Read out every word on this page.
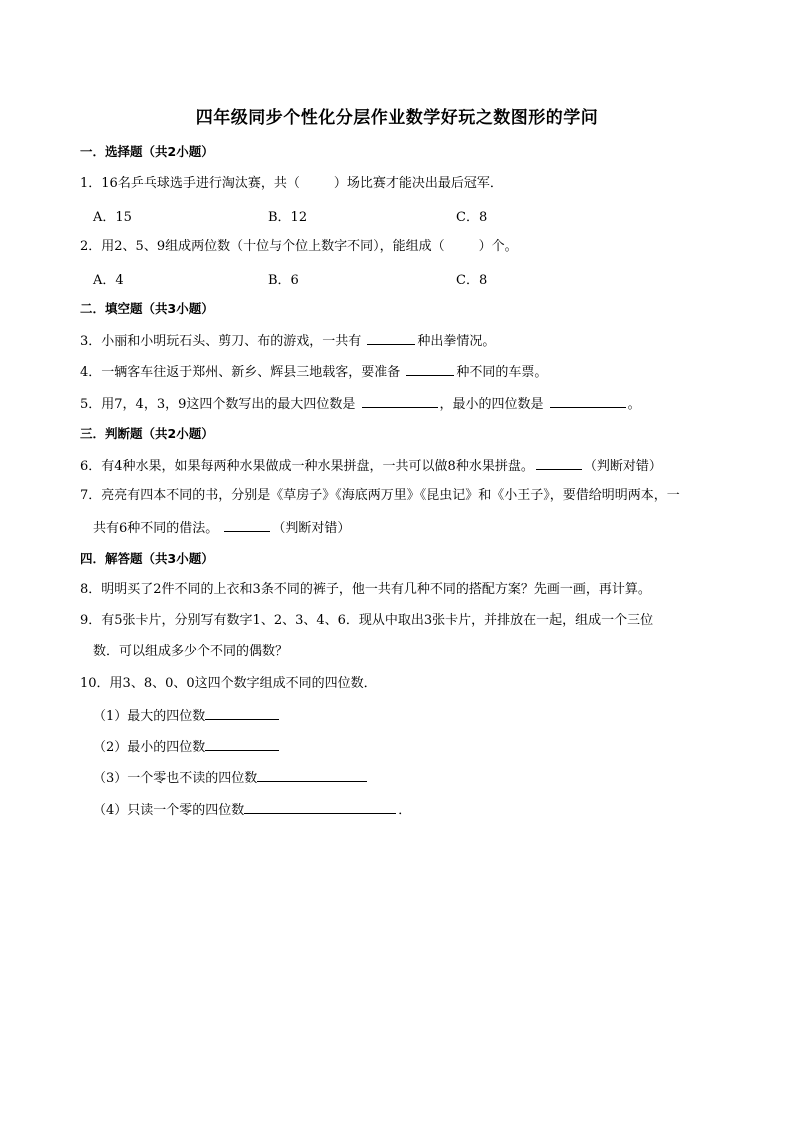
四年级同步个性化分层作业数学好玩之数图形的学问
一．选择题（共2小题）
1．16名乒乓球选手进行淘汰赛，共（	）场比赛才能决出最后冠军．
A．15	B．12	C．8
2．用2、5、9组成两位数（十位与个位上数字不同），能组成（	）个。
A．4	B．6	C．8
二．填空题（共3小题）
3．小丽和小明玩石头、剪刀、布的游戏，一共有	种出拳情况。
4．一辆客车往返于郑州、新乡、辉县三地载客，要准备	种不同的车票。
5．用7，4，3，9这四个数写出的最大四位数是	，最小的四位数是	。
三．判断题（共2小题）
6．有4种水果，如果每两种水果做成一种水果拼盘，一共可以做8种水果拼盘。	（判断对错）
7．亮亮有四本不同的书，分别是《草房子》《海底两万里》《昆虫记》和《小王子》，要借给明明两本，一
共有6种不同的借法。	（判断对错）
四．解答题（共3小题）
8．明明买了2件不同的上衣和3条不同的裤子，他一共有几种不同的搭配方案？先画一画，再计算。
9．有5张卡片，分别写有数字1、2、3、4、6．现从中取出3张卡片，并排放在一起，组成一个三位
数．可以组成多少个不同的偶数？
10．用3、8、0、0这四个数字组成不同的四位数．
（1）最大的四位数
（2）最小的四位数
（3）一个零也不读的四位数
（4）只读一个零的四位数	．
